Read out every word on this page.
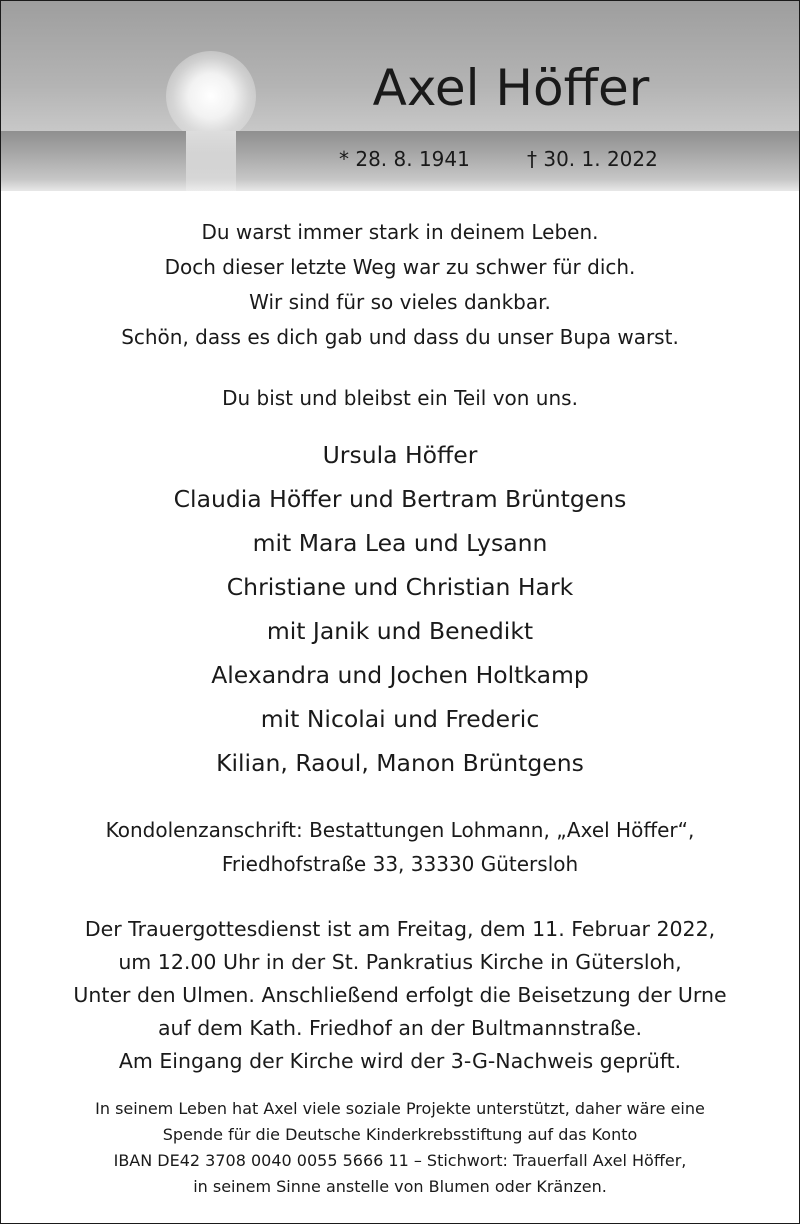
Axel Höffer
* 28. 8. 1941	† 30. 1. 2022
Du warst immer stark in deinem Leben.
Doch dieser letzte Weg war zu schwer für dich.
Wir sind für so vieles dankbar.
Schön, dass es dich gab und dass du unser Bupa warst.
Du bist und bleibst ein Teil von uns.
Ursula Höffer
Claudia Höffer und Bertram Brüntgens
mit Mara Lea und Lysann
Christiane und Christian Hark
mit Janik und Benedikt
Alexandra und Jochen Holtkamp
mit Nicolai und Frederic
Kilian, Raoul, Manon Brüntgens
Kondolenzanschrift: Bestattungen Lohmann, „Axel Höffer“,
Friedhofstraße 33, 33330 Gütersloh
Der Trauergottesdienst ist am Freitag, dem 11. Februar 2022,
um 12.00 Uhr in der St. Pankratius Kirche in Gütersloh,
Unter den Ulmen. Anschließend erfolgt die Beisetzung der Urne
auf dem Kath. Friedhof an der Bultmannstraße.
Am Eingang der Kirche wird der 3-G-Nachweis geprüft.
In seinem Leben hat Axel viele soziale Projekte unterstützt, daher wäre eine
Spende für die Deutsche Kinderkrebsstiftung auf das Konto
IBAN DE42 3708 0040 0055 5666 11 – Stichwort: Trauerfall Axel Höffer,
in seinem Sinne anstelle von Blumen oder Kränzen.
